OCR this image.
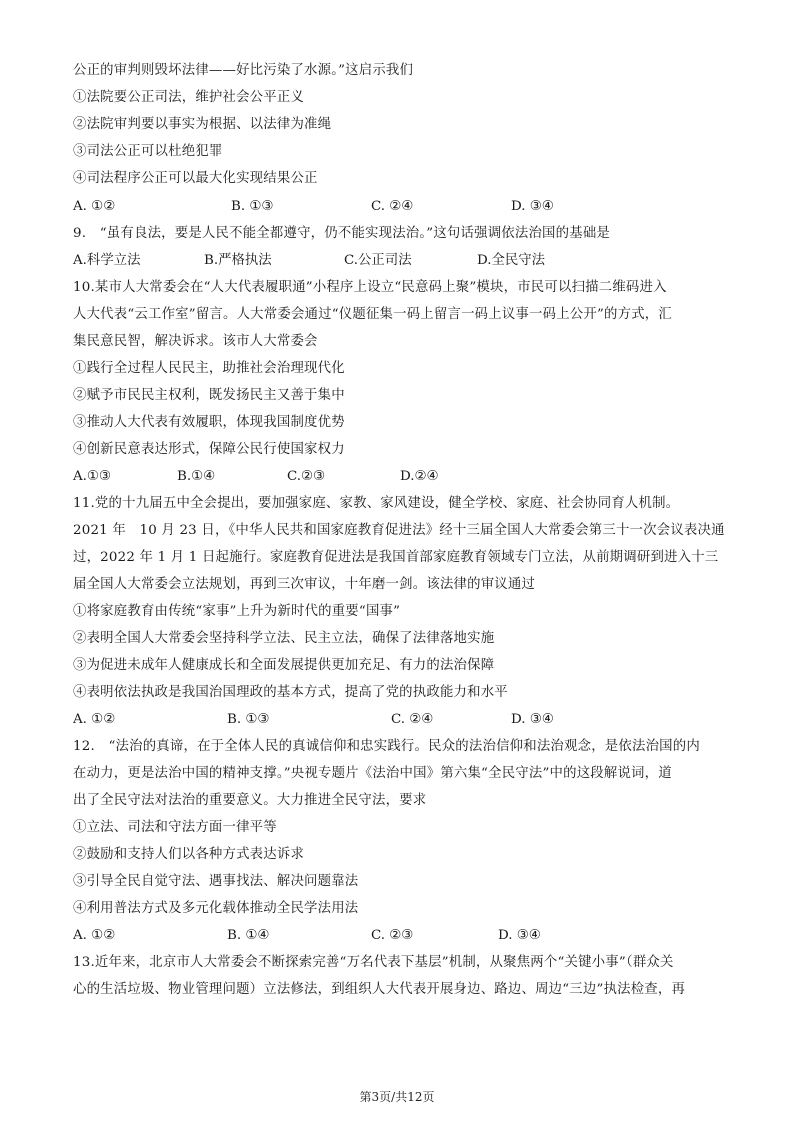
公正的审判则毁坏法律——好比污染了水源。”这启示我们
①法院要公正司法，维护社会公平正义
②法院审判要以事实为根据、以法律为准绳
③司法公正可以杜绝犯罪
④司法程序公正可以最大化实现结果公正
A. ①②	B. ①③	C. ②④	D. ③④
9.　“虽有良法，要是人民不能全都遵守，仍不能实现法治。”这句话强调依法治国的基础是
A.科学立法	B.严格执法	C.公正司法	D.全民守法
10.某市人大常委会在“人大代表履职通”小程序上设立“民意码上聚”模块，市民可以扫描二维码进入
人大代表“云工作室”留言。人大常委会通过“仪题征集一码上留言一码上议事一码上公开”的方式，汇
集民意民智，解决诉求。该市人大常委会
①践行全过程人民民主，助推社会治理现代化
②赋予市民民主权利，既发扬民主又善于集中
③推动人大代表有效履职，体现我国制度优势
④创新民意表达形式，保障公民行使国家权力
A.①③	B.①④	C.②③	D.②④
11.党的十九届五中全会提出，要加强家庭、家教、家风建设，健全学校、家庭、社会协同育人机制。
2021 年　10 月 23 日，《中华人民共和国家庭教育促进法》经十三届全国人大常委会第三十一次会议表决通
过，2022 年 1 月 1 日起施行。家庭教育促进法是我国首部家庭教育领域专门立法，从前期调研到进入十三
届全国人大常委会立法规划，再到三次审议，十年磨一剑。该法律的审议通过
①将家庭教育由传统“家事”上升为新时代的重要“国事”
②表明全国人大常委会坚持科学立法、民主立法，确保了法律落地实施
③为促进未成年人健康成长和全面发展提供更加充足、有力的法治保障
④表明依法执政是我国治国理政的基本方式，提高了党的执政能力和水平
A. ①②	B. ①③	C. ②④	D. ③④
12.　“法治的真谛，在于全体人民的真诚信仰和忠实践行。民众的法治信仰和法治观念，是依法治国的内
在动力，更是法治中国的精神支撑。”央视专题片《法治中国》第六集“全民守法”中的这段解说词，道
出了全民守法对法治的重要意义。大力推进全民守法，要求
①立法、司法和守法方面一律平等
②鼓励和支持人们以各种方式表达诉求
③引导全民自觉守法、遇事找法、解决问题靠法
④利用普法方式及多元化载体推动全民学法用法
A. ①②	B. ①④	C. ②③	D. ③④
13.近年来，北京市人大常委会不断探索完善“万名代表下基层”机制，从聚焦两个“关键小事”（群众关
心的生活垃圾、物业管理问题）立法修法，到组织人大代表开展身边、路边、周边“三边”执法检查，再
第3页/共12页
